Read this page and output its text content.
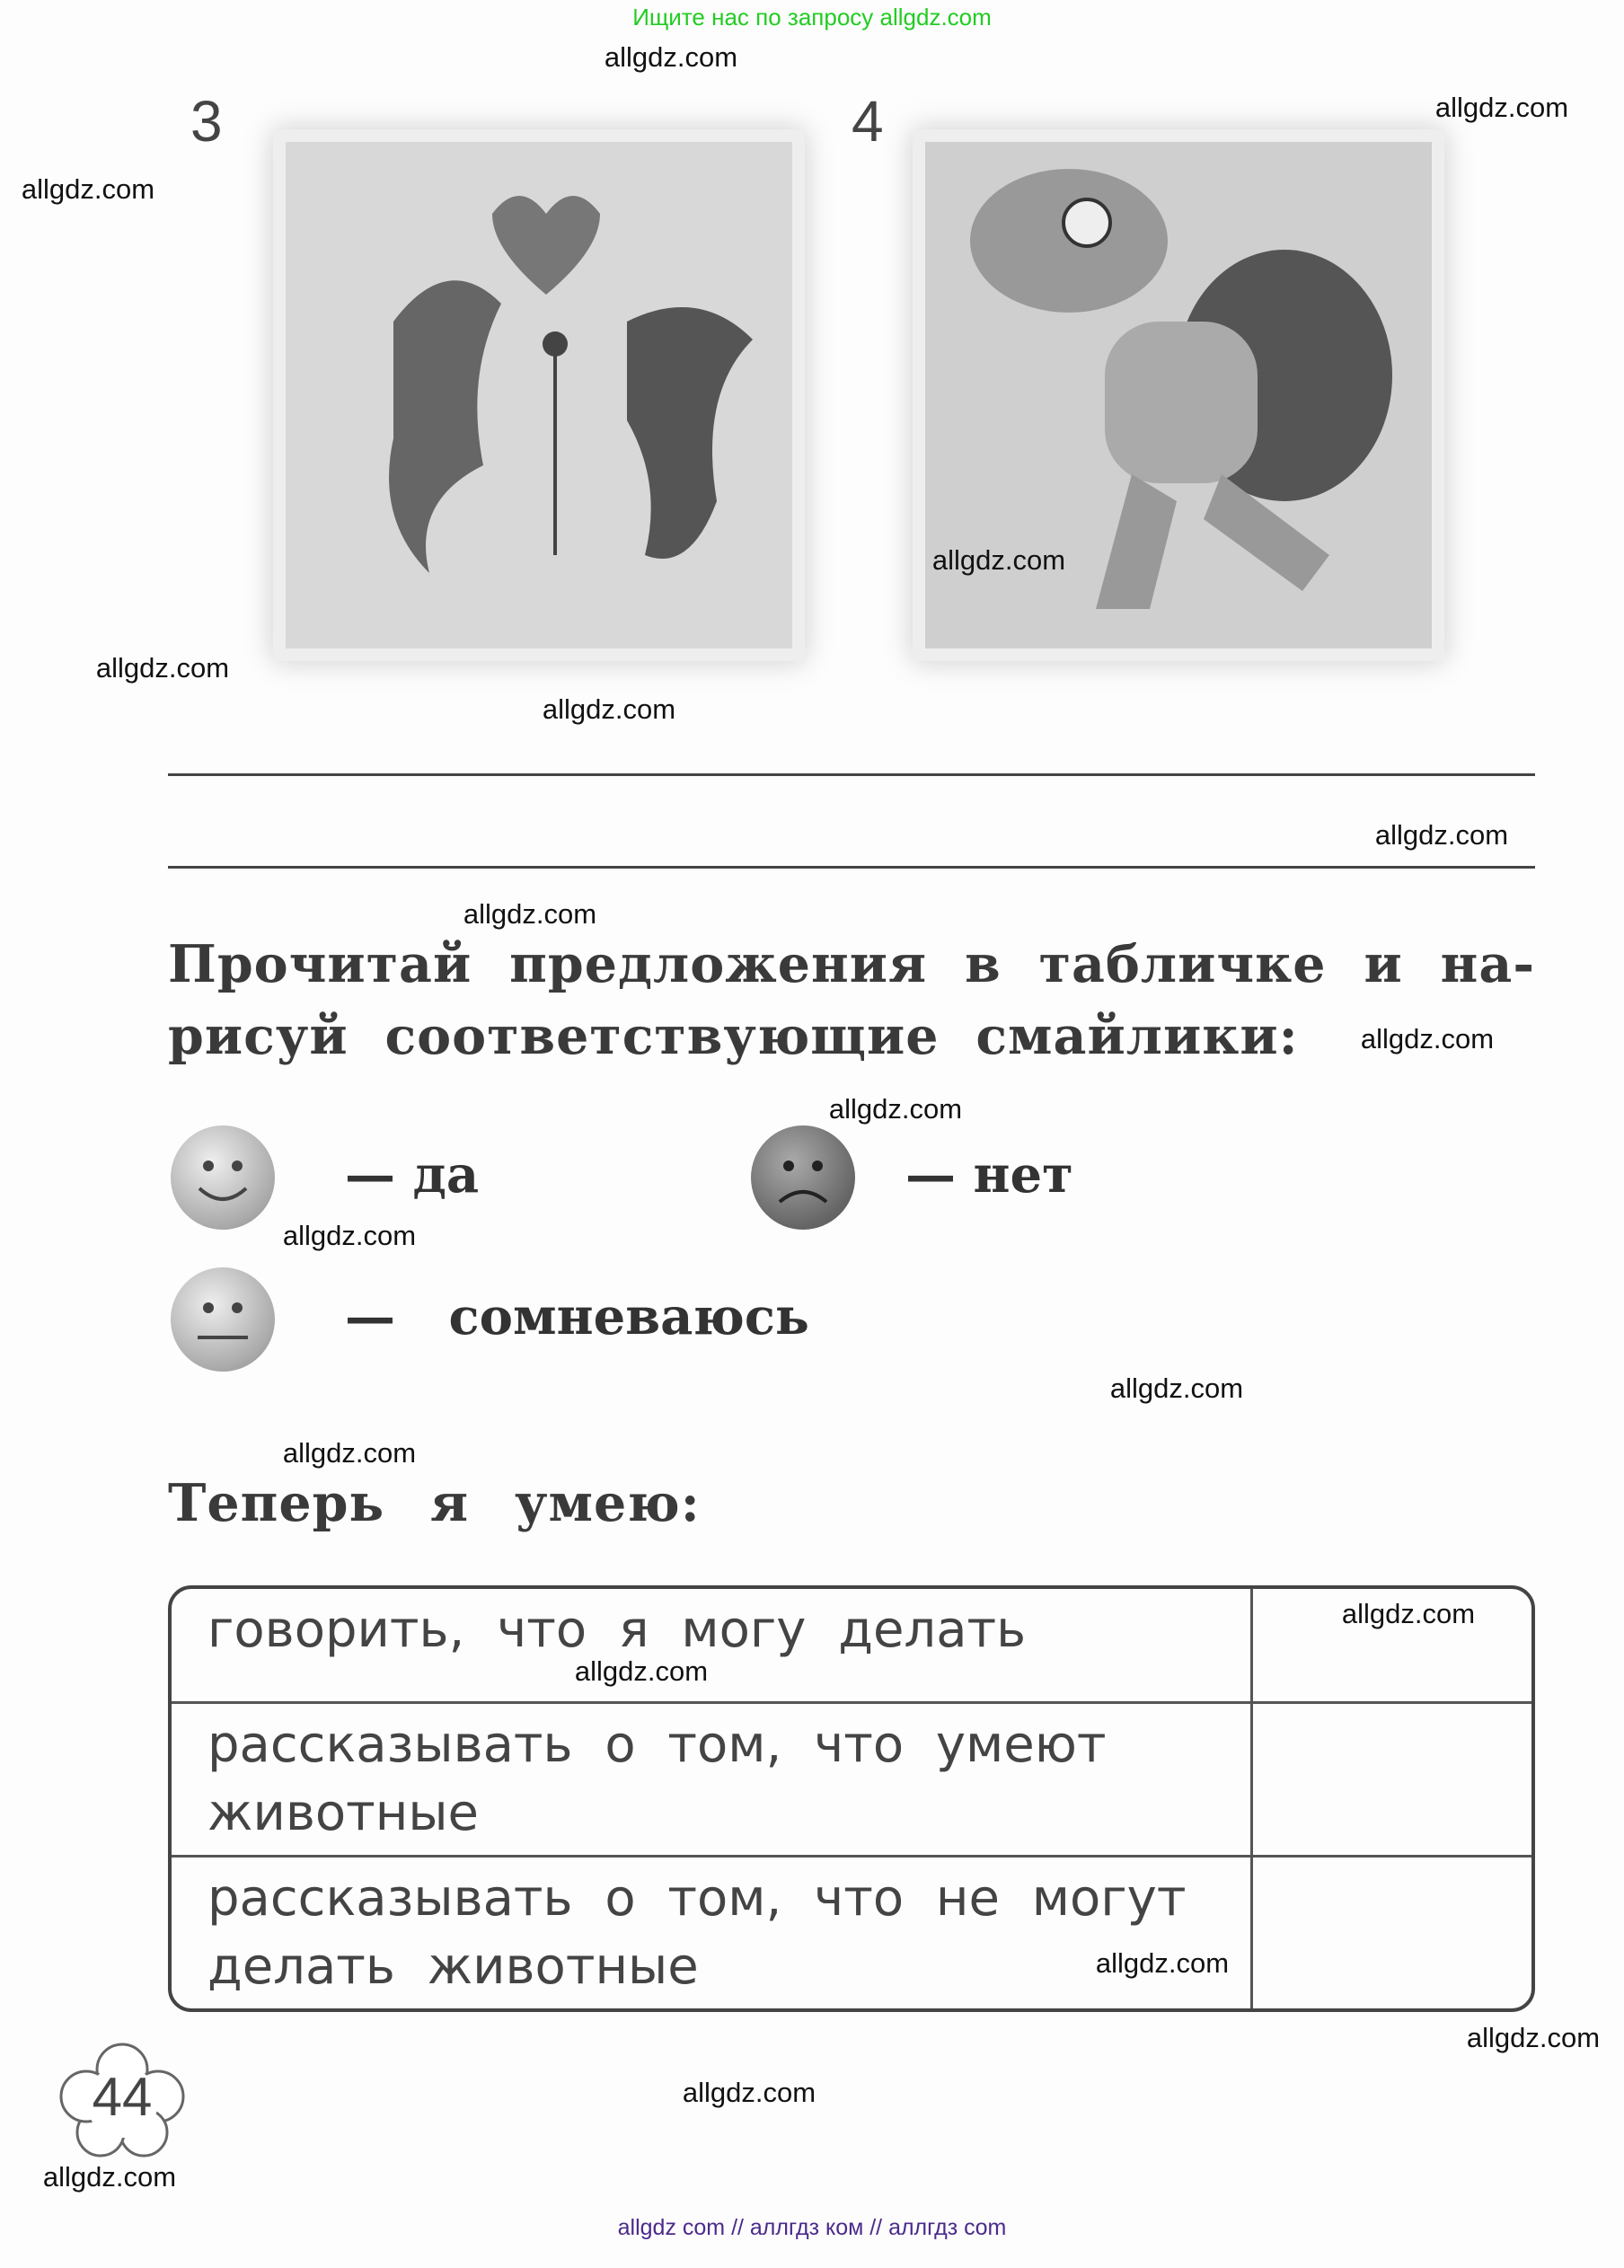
Ищите нас по запросу allgdz.com
3	4
Прочитай предложения в табличке и на-
рисуй соответствующие смайлики:
— да	— нет
— сомневаюсь
Теперь я умею:
говорить, что я могу делать	
рассказывать о том, что умеют животные	
рассказывать о том, что не могут делать животные	
44
allgdz com // аллгдз ком // аллгдз com
allgdz.com
allgdz.com
allgdz.com
allgdz.com
allgdz.com
allgdz.com
allgdz.com
allgdz.com
allgdz.com
allgdz.com
allgdz.com
allgdz.com
allgdz.com
allgdz.com
allgdz.com
allgdz.com
allgdz.com
allgdz.com
allgdz.com
